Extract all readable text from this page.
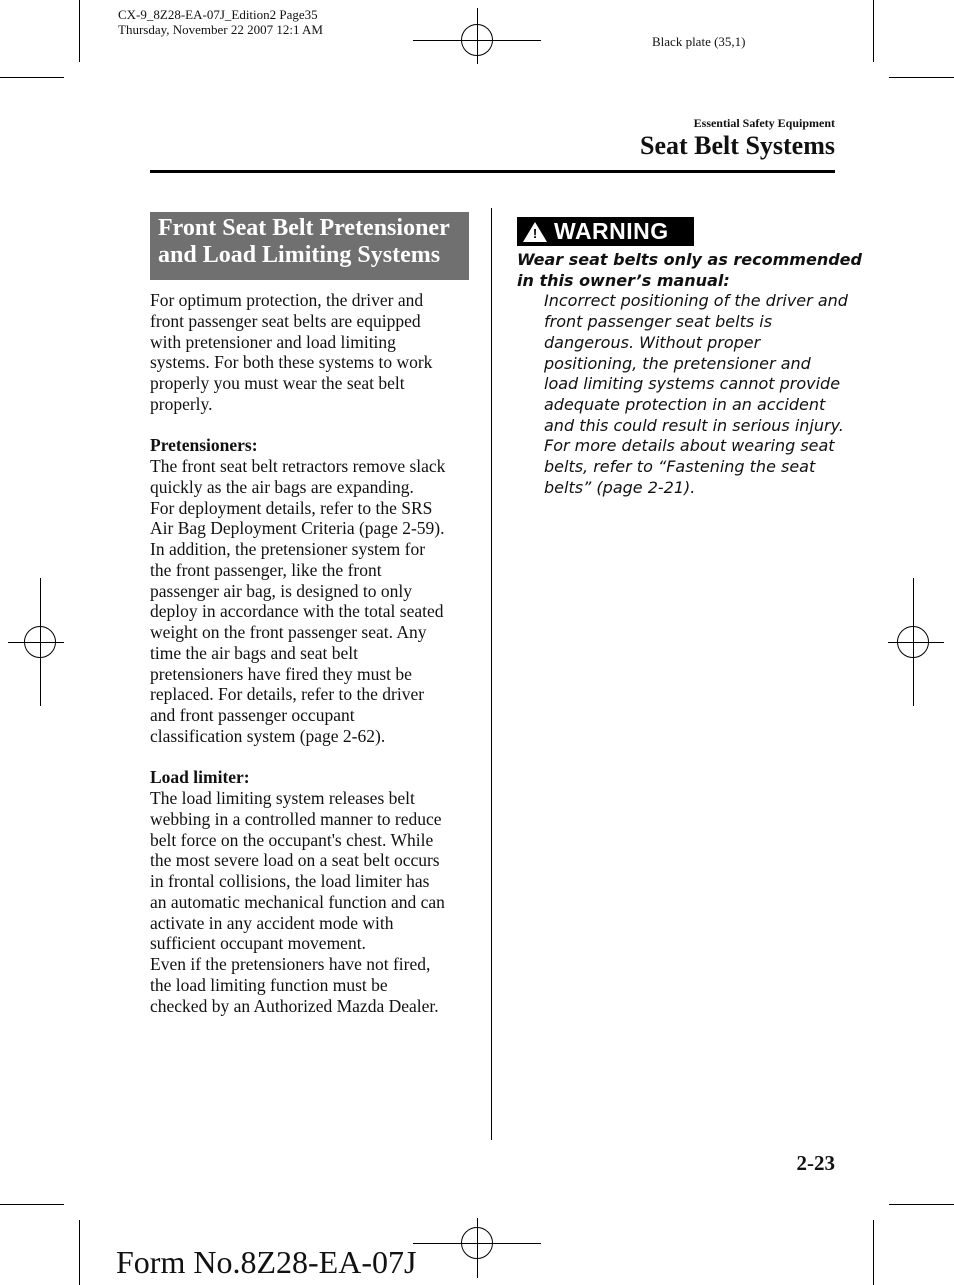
CX-9_8Z28-EA-07J_Edition2 Page35
Thursday, November 22 2007 12:1 AM
Black plate (35,1)
Essential Safety Equipment
Seat Belt Systems
Front Seat Belt Pretensioner
and Load Limiting Systems
For optimum protection, the driver and
front passenger seat belts are equipped
with pretensioner and load limiting
systems. For both these systems to work
properly you must wear the seat belt
properly.
Pretensioners:
The front seat belt retractors remove slack
quickly as the air bags are expanding.
For deployment details, refer to the SRS
Air Bag Deployment Criteria (page 2-59).
In addition, the pretensioner system for
the front passenger, like the front
passenger air bag, is designed to only
deploy in accordance with the total seated
weight on the front passenger seat. Any
time the air bags and seat belt
pretensioners have fired they must be
replaced. For details, refer to the driver
and front passenger occupant
classification system (page 2-62).
Load limiter:
The load limiting system releases belt
webbing in a controlled manner to reduce
belt force on the occupant's chest. While
the most severe load on a seat belt occurs
in frontal collisions, the load limiter has
an automatic mechanical function and can
activate in any accident mode with
sufficient occupant movement.
Even if the pretensioners have not fired,
the load limiting function must be
checked by an Authorized Mazda Dealer.
! WARNING
Wear seat belts only as recommended
in this owner’s manual:
Incorrect positioning of the driver and
front passenger seat belts is
dangerous. Without proper
positioning, the pretensioner and
load limiting systems cannot provide
adequate protection in an accident
and this could result in serious injury.
For more details about wearing seat
belts, refer to “Fastening the seat
belts” (page 2-21).
2-23
Form No.8Z28-EA-07J
